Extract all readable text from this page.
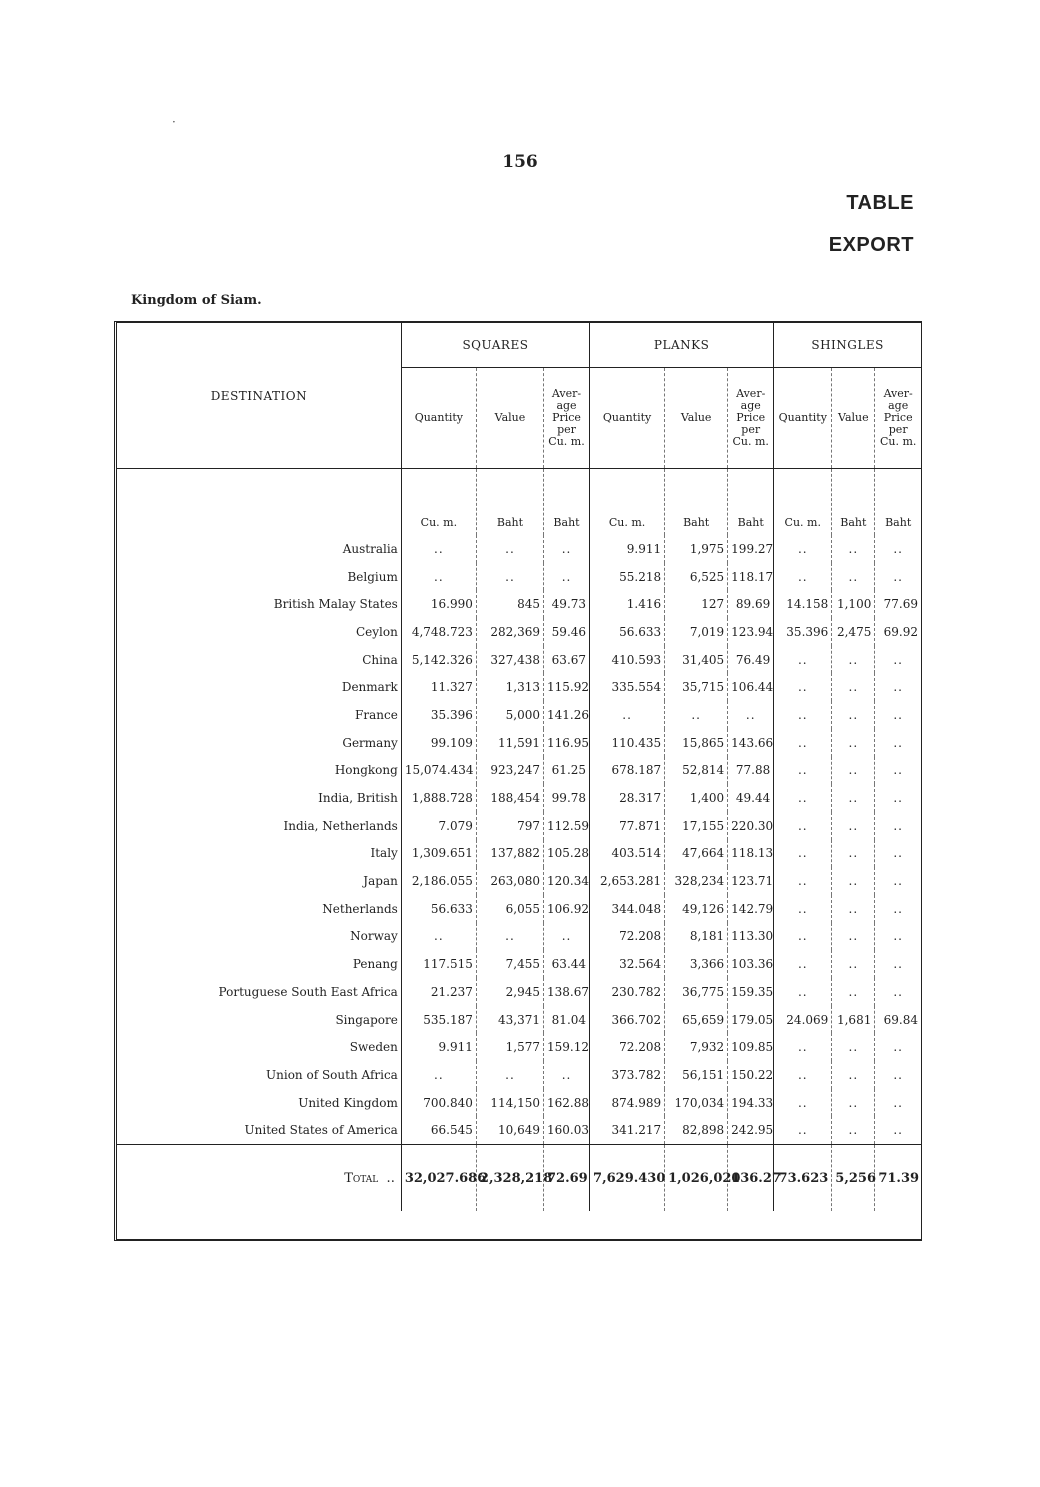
156
TABLE
EXPORT
Kingdom of Siam.
·
DESTINATION	SQUARES			PLANKS			SHINGLES		
	Quantity	Value	Aver-age Price per Cu. m.	Quantity	Value	Aver-age Price per Cu. m.	Quantity	Value	Aver-age Price per Cu. m.
	Cu. m.	Baht	Baht	Cu. m.	Baht	Baht	Cu. m.	Baht	Baht
Australia	..	..	..	9.911	1,975	199.27	..	..	..
Belgium	..	..	..	55.218	6,525	118.17	..	..	..
British Malay States	16.990	845	49.73	1.416	127	89.69	14.158	1,100	77.69
Ceylon	4,748.723	282,369	59.46	56.633	7,019	123.94	35.396	2,475	69.92
China	5,142.326	327,438	63.67	410.593	31,405	76.49	..	..	..
Denmark	11.327	1,313	115.92	335.554	35,715	106.44	..	..	..
France	35.396	5,000	141.26	..	..	..	..	..	..
Germany	99.109	11,591	116.95	110.435	15,865	143.66	..	..	..
Hongkong	15,074.434	923,247	61.25	678.187	52,814	77.88	..	..	..
India, British	1,888.728	188,454	99.78	28.317	1,400	49.44	..	..	..
India, Netherlands	7.079	797	112.59	77.871	17,155	220.30	..	..	..
Italy	1,309.651	137,882	105.28	403.514	47,664	118.13	..	..	..
Japan	2,186.055	263,080	120.34	2,653.281	328,234	123.71	..	..	..
Netherlands	56.633	6,055	106.92	344.048	49,126	142.79	..	..	..
Norway	..	..	..	72.208	8,181	113.30	..	..	..
Penang	117.515	7,455	63.44	32.564	3,366	103.36	..	..	..
Portuguese South East Africa	21.237	2,945	138.67	230.782	36,775	159.35	..	..	..
Singapore	535.187	43,371	81.04	366.702	65,659	179.05	24.069	1,681	69.84
Sweden	9.911	1,577	159.12	72.208	7,932	109.85	..	..	..
Union of South Africa	..	..	..	373.782	56,151	150.22	..	..	..
United Kingdom	700.840	114,150	162.88	874.989	170,034	194.33	..	..	..
United States of America	66.545	10,649	160.03	341.217	82,898	242.95	..	..	..
Total  ..	32,027.686	2,328,218	72.69	7,629.430	1,026,020	136.27	73.623	5,256	71.39
